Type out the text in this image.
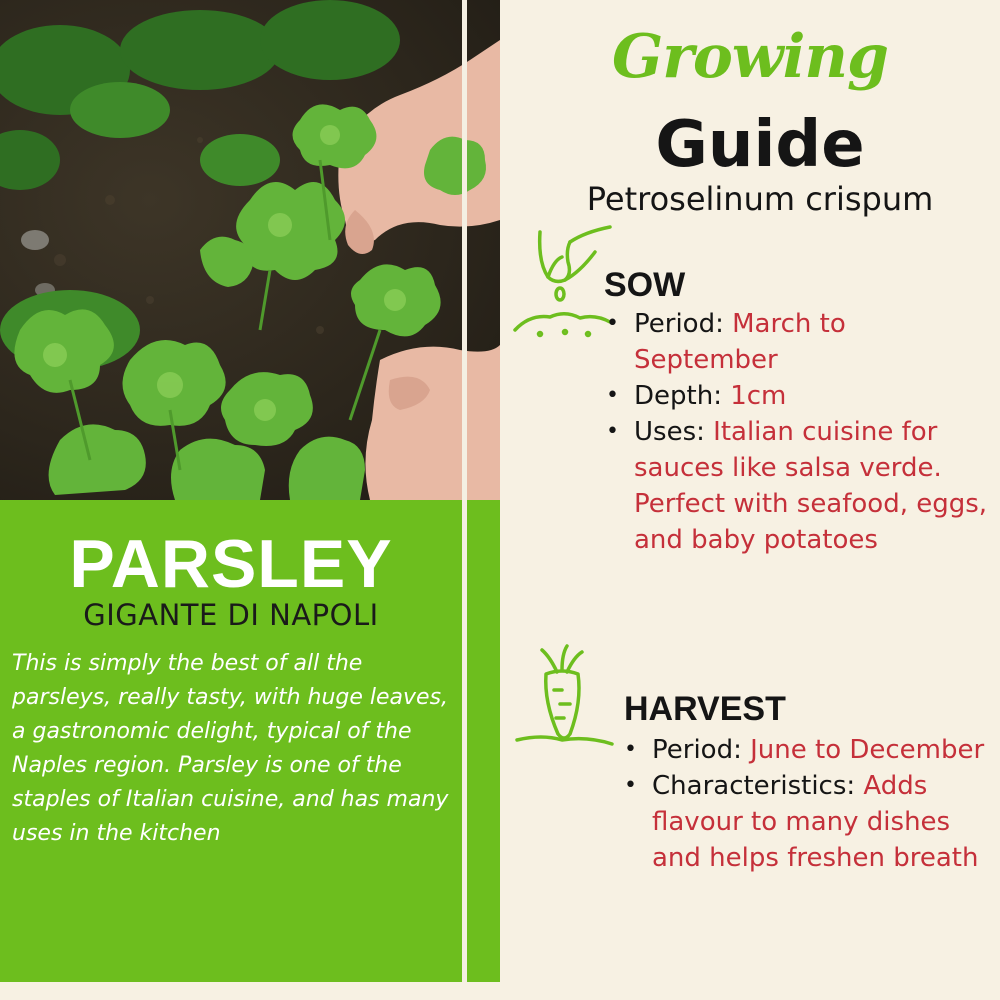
PARSLEY
GIGANTE DI NAPOLI
This is simply the best of all the parsleys, really tasty, with huge leaves, a gastronomic delight, typical of the Naples region. Parsley is one of the staples of Italian cuisine, and has many uses in the kitchen
Growing
Guide
Petroselinum crispum
SOW
• Period: March to September
• Depth: 1cm
• Uses: Italian cuisine for sauces like salsa verde. Perfect with seafood, eggs, and baby potatoes
HARVEST
• Period: June to December
• Characteristics: Adds flavour to many dishes and helps freshen breath
